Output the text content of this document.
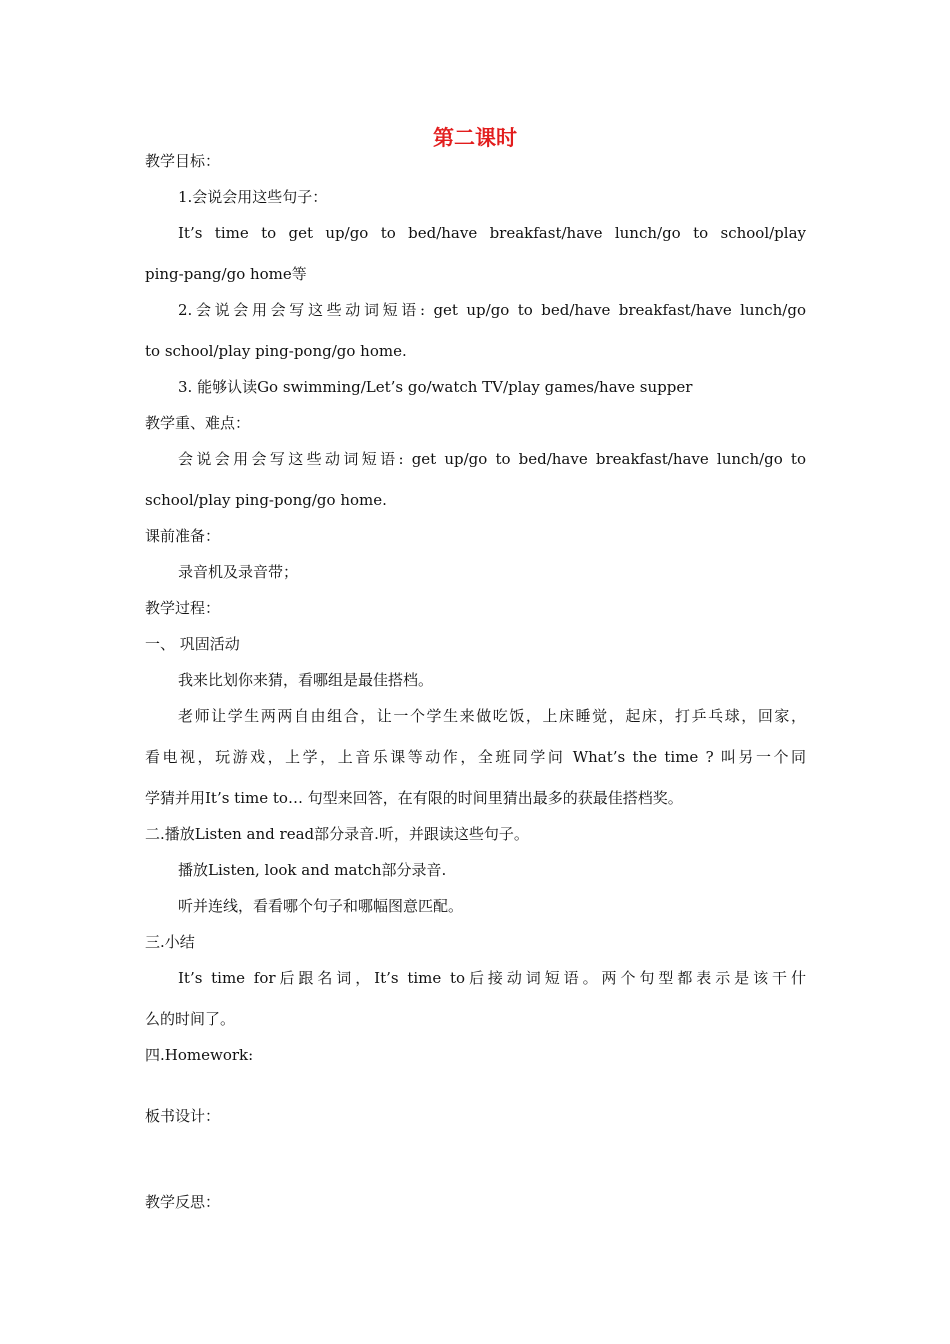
第二课时
教学目标：
1.会说会用这些句子：
It’s time to get up/go to bed/have breakfast/have lunch/go to school/play
ping-pang/go home等
2.会说会用会写这些动词短语: get up/go to bed/have breakfast/have lunch/go
to school/play ping-pong/go home.
3. 能够认读Go swimming/Let’s go/watch TV/play games/have supper
教学重、难点：
会说会用会写这些动词短语: get up/go to bed/have breakfast/have lunch/go to
school/play ping-pong/go home.
课前准备：
录音机及录音带；
教学过程：
一、 巩固活动
我来比划你来猜，看哪组是最佳搭档。
老师让学生两两自由组合，让一个学生来做吃饭，上床睡觉，起床，打乒乓球，回家，
看电视，玩游戏，上学，上音乐课等动作，全班同学问 What’s the time ? 叫另一个同
学猜并用It’s time to… 句型来回答，在有限的时间里猜出最多的获最佳搭档奖。
二.播放Listen and read部分录音.听，并跟读这些句子。
播放Listen, look and match部分录音.
听并连线，看看哪个句子和哪幅图意匹配。
三.小结
It’s time for后跟名词，It’s time to后接动词短语。两个句型都表示是该干什
么的时间了。
四.Homework:
板书设计：
教学反思：
